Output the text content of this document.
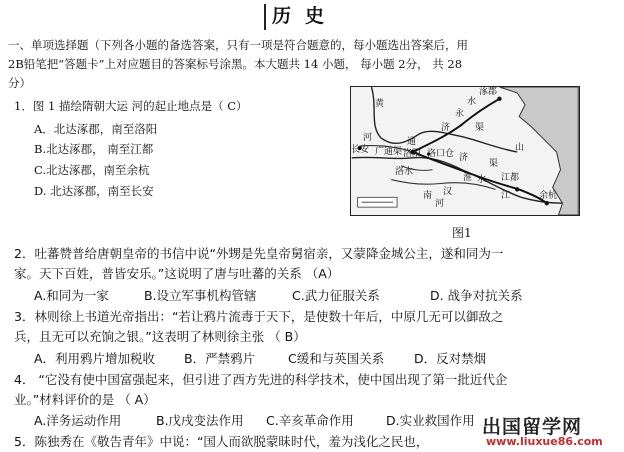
历史
一、单项选择题（下列各小题的备选答案，只有一项是符合题意的，每小题选出答案后，用
2B铅笔把“答题卡”上对应题目的答案标号涂黑。本大题共 14 小题， 每小题 2分， 共 28
分）
1．图 1 描绘隋朝大运 河的起止地点是（ C）
A．北达涿郡，南至洛阳
B.北达涿郡， 南至江都
C.北达涿郡，南至余杭
D. 北达涿郡，南至长安
黄
河
涿郡
水
永
济	渠
长安 广通渠 洛阳 洛口仓
通
济
渠
洛水
淮 水 江都
山
余杭
江
汉
南
河
图1
2．吐蕃赞普给唐朝皇帝的书信中说“外甥是先皇帝舅宿亲，又蒙降金城公主，遂和同为一
家。天下百姓，普皆安乐。”这说明了唐与吐蕃的关系 （A）
A.和同为一家	B.设立军事机构管辖	C.武力征服关系	D. 战争对抗关系
3．林则徐上书道光帝指出：“若让鸦片流毒于天下，是使数十年后，中原几无可以御敌之
兵，且无可以充饷之银。”这表明了林则徐主张 （ B）
A．利用鸦片增加税收 B．严禁鸦片	C缓和与英国关系 D．反对禁烟
4． “它没有使中国富强起来，但引进了西方先进的科学技术，使中国出现了第一批近代企
业。”材料评价的是 （ A）
A.洋务运动作用	B.戊戌变法作用 C.辛亥革命作用	D.实业救国作用
5．陈独秀在《敬告青年》中说：“国人而欲脱蒙昧时代，羞为浅化之民也，
出国留学网
www.liuxue86.com
